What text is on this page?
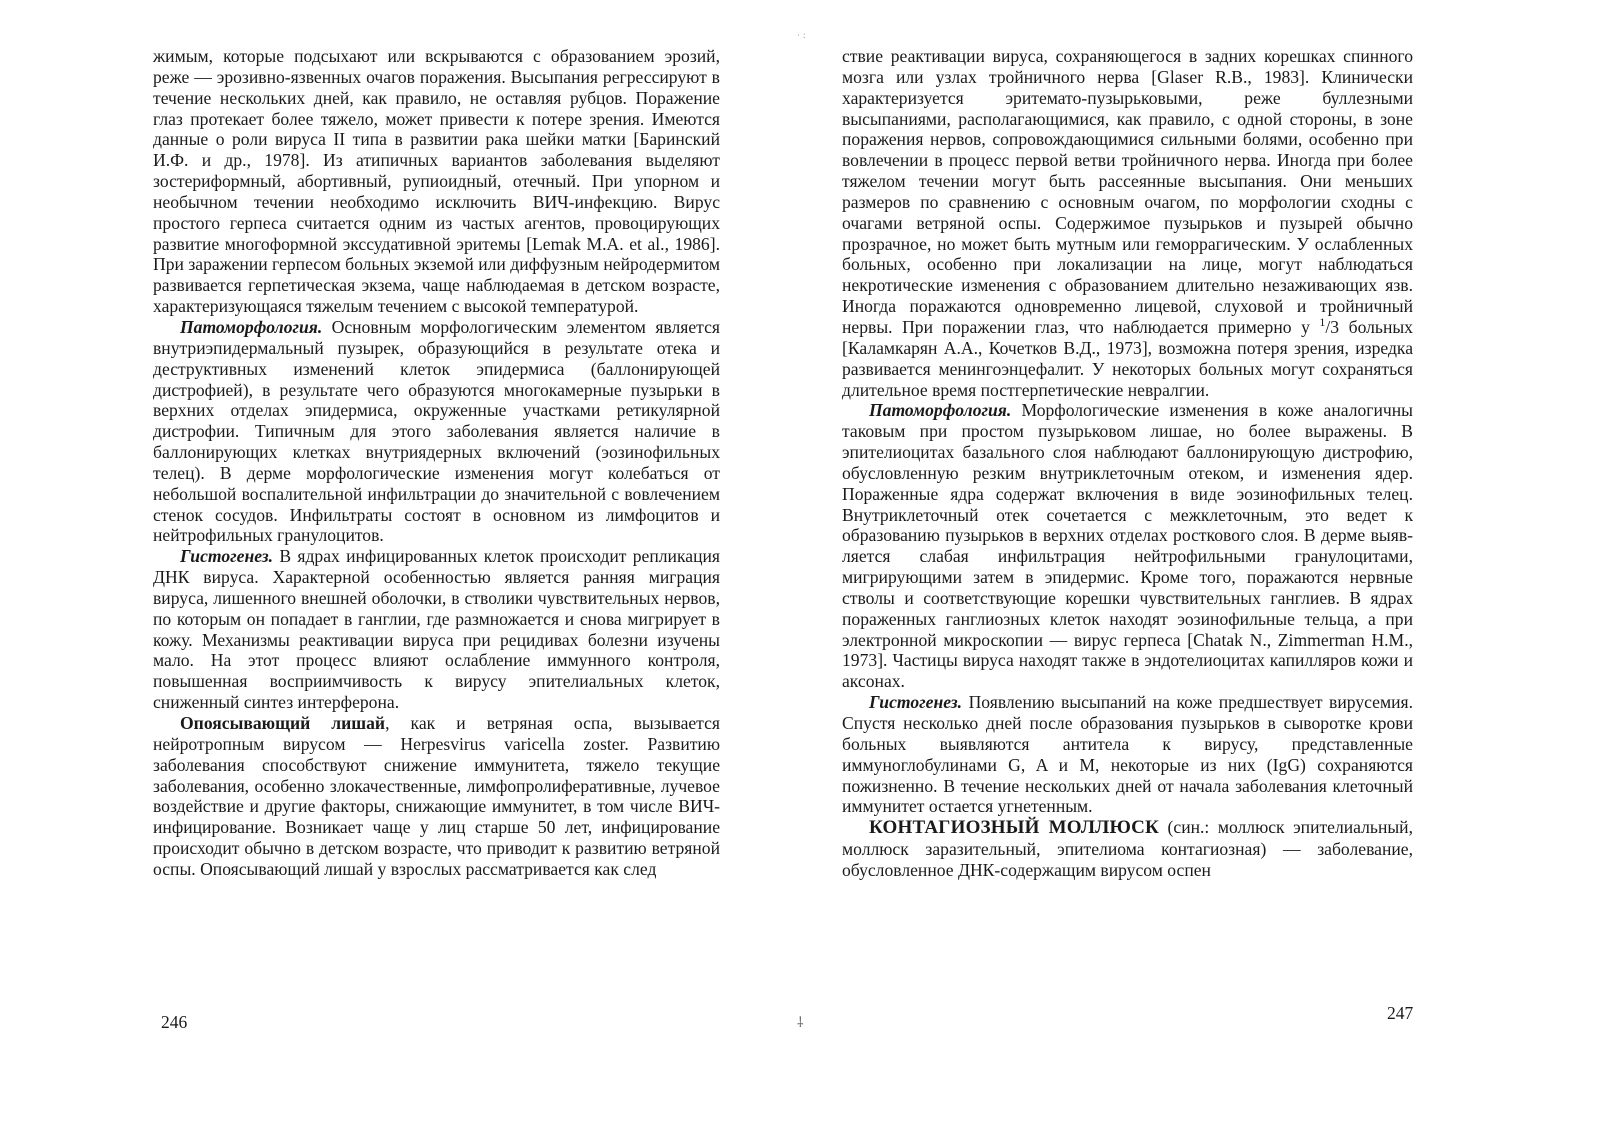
жимым, которые подсыхают или вскрываются с образованием эрозий, реже — эрозивно-язвенных очагов поражения. Высыпания регрессируют в течение нескольких дней, как правило, не оставляя рубцов. Поражение глаз протекает более тяжело, может привести к потере зрения. Имеются данные о роли вируса II типа в развитии рака шейки матки [Баринский И.Ф. и др., 1978]. Из атипичных вариантов заболевания выделяют зостериформный, абортивный, рупиоидный, отечный. При упорном и необычном течении необходимо исключить ВИЧ-инфекцию. Вирус простого герпеса считается одним из частых агентов, провоцирующих развитие многоформной экссудативной эритемы [Lemak M.A. et al., 1986]. При заражении герпесом больных экземой или диффузным нейродермитом развивается герпетическая экзема, чаще наблюдаемая в детском возрасте, характеризующаяся тяжелым течением с высокой температурой.

Патоморфология. Основным морфологическим элементом является внутриэпидермальный пузырек, образующийся в результате отека и деструктивных изменений клеток эпидермиса (баллонирующей дистрофией), в результате чего образуются многокамерные пузырьки в верхних отделах эпидермиса, окруженные участками ретикулярной дистрофии. Типичным для этого заболевания является наличие в баллонирующих клетках внутриядерных включений (эозинофильных телец). В дерме морфологические изменения могут колебаться от небольшой воспалительной инфильтрации до значительной с вовлечением стенок сосудов. Инфильтраты состоят в основном из лимфоцитов и нейтрофильных гранулоцитов.

Гистогенез. В ядрах инфицированных клеток происходит репликация ДНК вируса. Характерной особенностью является ранняя миграция вируса, лишенного внешней оболочки, в стволики чувствительных нервов, по которым он попадает в ганглии, где размножается и снова мигрирует в кожу. Механизмы реактивации вируса при рецидивах болезни изучены мало. На этот процесс влияют ослабление иммунного контроля, повышенная восприимчивость к вирусу эпителиальных клеток, сниженный синтез интерферона.

Опоясывающий лишай, как и ветряная оспа, вызывается нейротропным вирусом — Herpesvirus varicella zoster. Развитию заболевания способствуют снижение иммунитета, тяжело текущие заболевания, особенно злокачественные, лимфопролиферативные, лучевое воздействие и другие факторы, снижающие иммунитет, в том числе ВИЧ-инфицирование. Возникает чаще у лиц старше 50 лет, инфицирование происходит обычно в детском возрасте, что приводит к развитию ветряной оспы. Опоясывающий лишай у взрослых рассматривается как след

246
· :
⸸

ствие реактивации вируса, сохраняющегося в задних корешках спинного мозга или узлах тройничного нерва [Glaser R.B., 1983]. Клинически характеризуется эритемато-пузырьковыми, реже буллезными высыпаниями, располагающимися, как правило, с одной стороны, в зоне поражения нервов, сопровождающимися сильными болями, особенно при вовлечении в процесс первой ветви тройничного нерва. Иногда при более тяжелом течении могут быть рассеянные высыпания. Они меньших размеров по сравнению с основным очагом, по морфологии сходны с очагами ветряной оспы. Содержимое пузырьков и пузырей обычно прозрачное, но может быть мутным или геморрагическим. У ослабленных больных, особенно при локализации на лице, могут наблюдаться некротические изменения с образованием длительно незаживающих язв. Иногда поражаются одновременно лицевой, слуховой и тройничный нервы. При поражении глаз, что наблюдается примерно у $^1$/3 больных [Каламкарян А.А., Кочетков В.Д., 1973], возможна потеря зрения, изредка развивается менингоэнцефалит. У некоторых больных могут сохраняться длительное время постгерпетические невралгии.

Патоморфология. Морфологические изменения в коже аналогичны таковым при простом пузырьковом лишае, но более выражены. В эпителиоцитах базального слоя наблюдают баллонирующую дистрофию, обусловленную резким внутриклеточным отеком, и изменения ядер. Пораженные ядра содержат включения в виде эозинофильных телец. Внутриклеточный отек сочетается с межклеточным, это ведет к образованию пузырьков в верхних отделах росткового слоя. В дерме выявляется слабая инфильтрация нейтрофильными гранулоцитами, мигрирующими затем в эпидермис. Кроме того, поражаются нервные стволы и соответствующие корешки чувствительных ганглиев. В ядрах пораженных ганглиозных клеток находят эозинофильные тельца, а при электронной микроскопии — вирус герпеса [Chatak N., Zimmerman H.M., 1973]. Частицы вируса находят также в эндотелиоцитах капилляров кожи и аксонах.

Гистогенез. Появлению высыпаний на коже предшествует вирусемия. Спустя несколько дней после образования пузырьков в сыворотке крови больных выявляются антитела к вирусу, представленные иммуноглобулинами G, A и M, некоторые из них (IgG) сохраняются пожизненно. В течение нескольких дней от начала заболевания клеточный иммунитет остается угнетенным.

КОНТАГИОЗНЫЙ МОЛЛЮСК (син.: моллюск эпителиальный, моллюск заразительный, эпителиома контагиозная) — заболевание, обусловленное ДНК-содержащим вирусом оспен

247
